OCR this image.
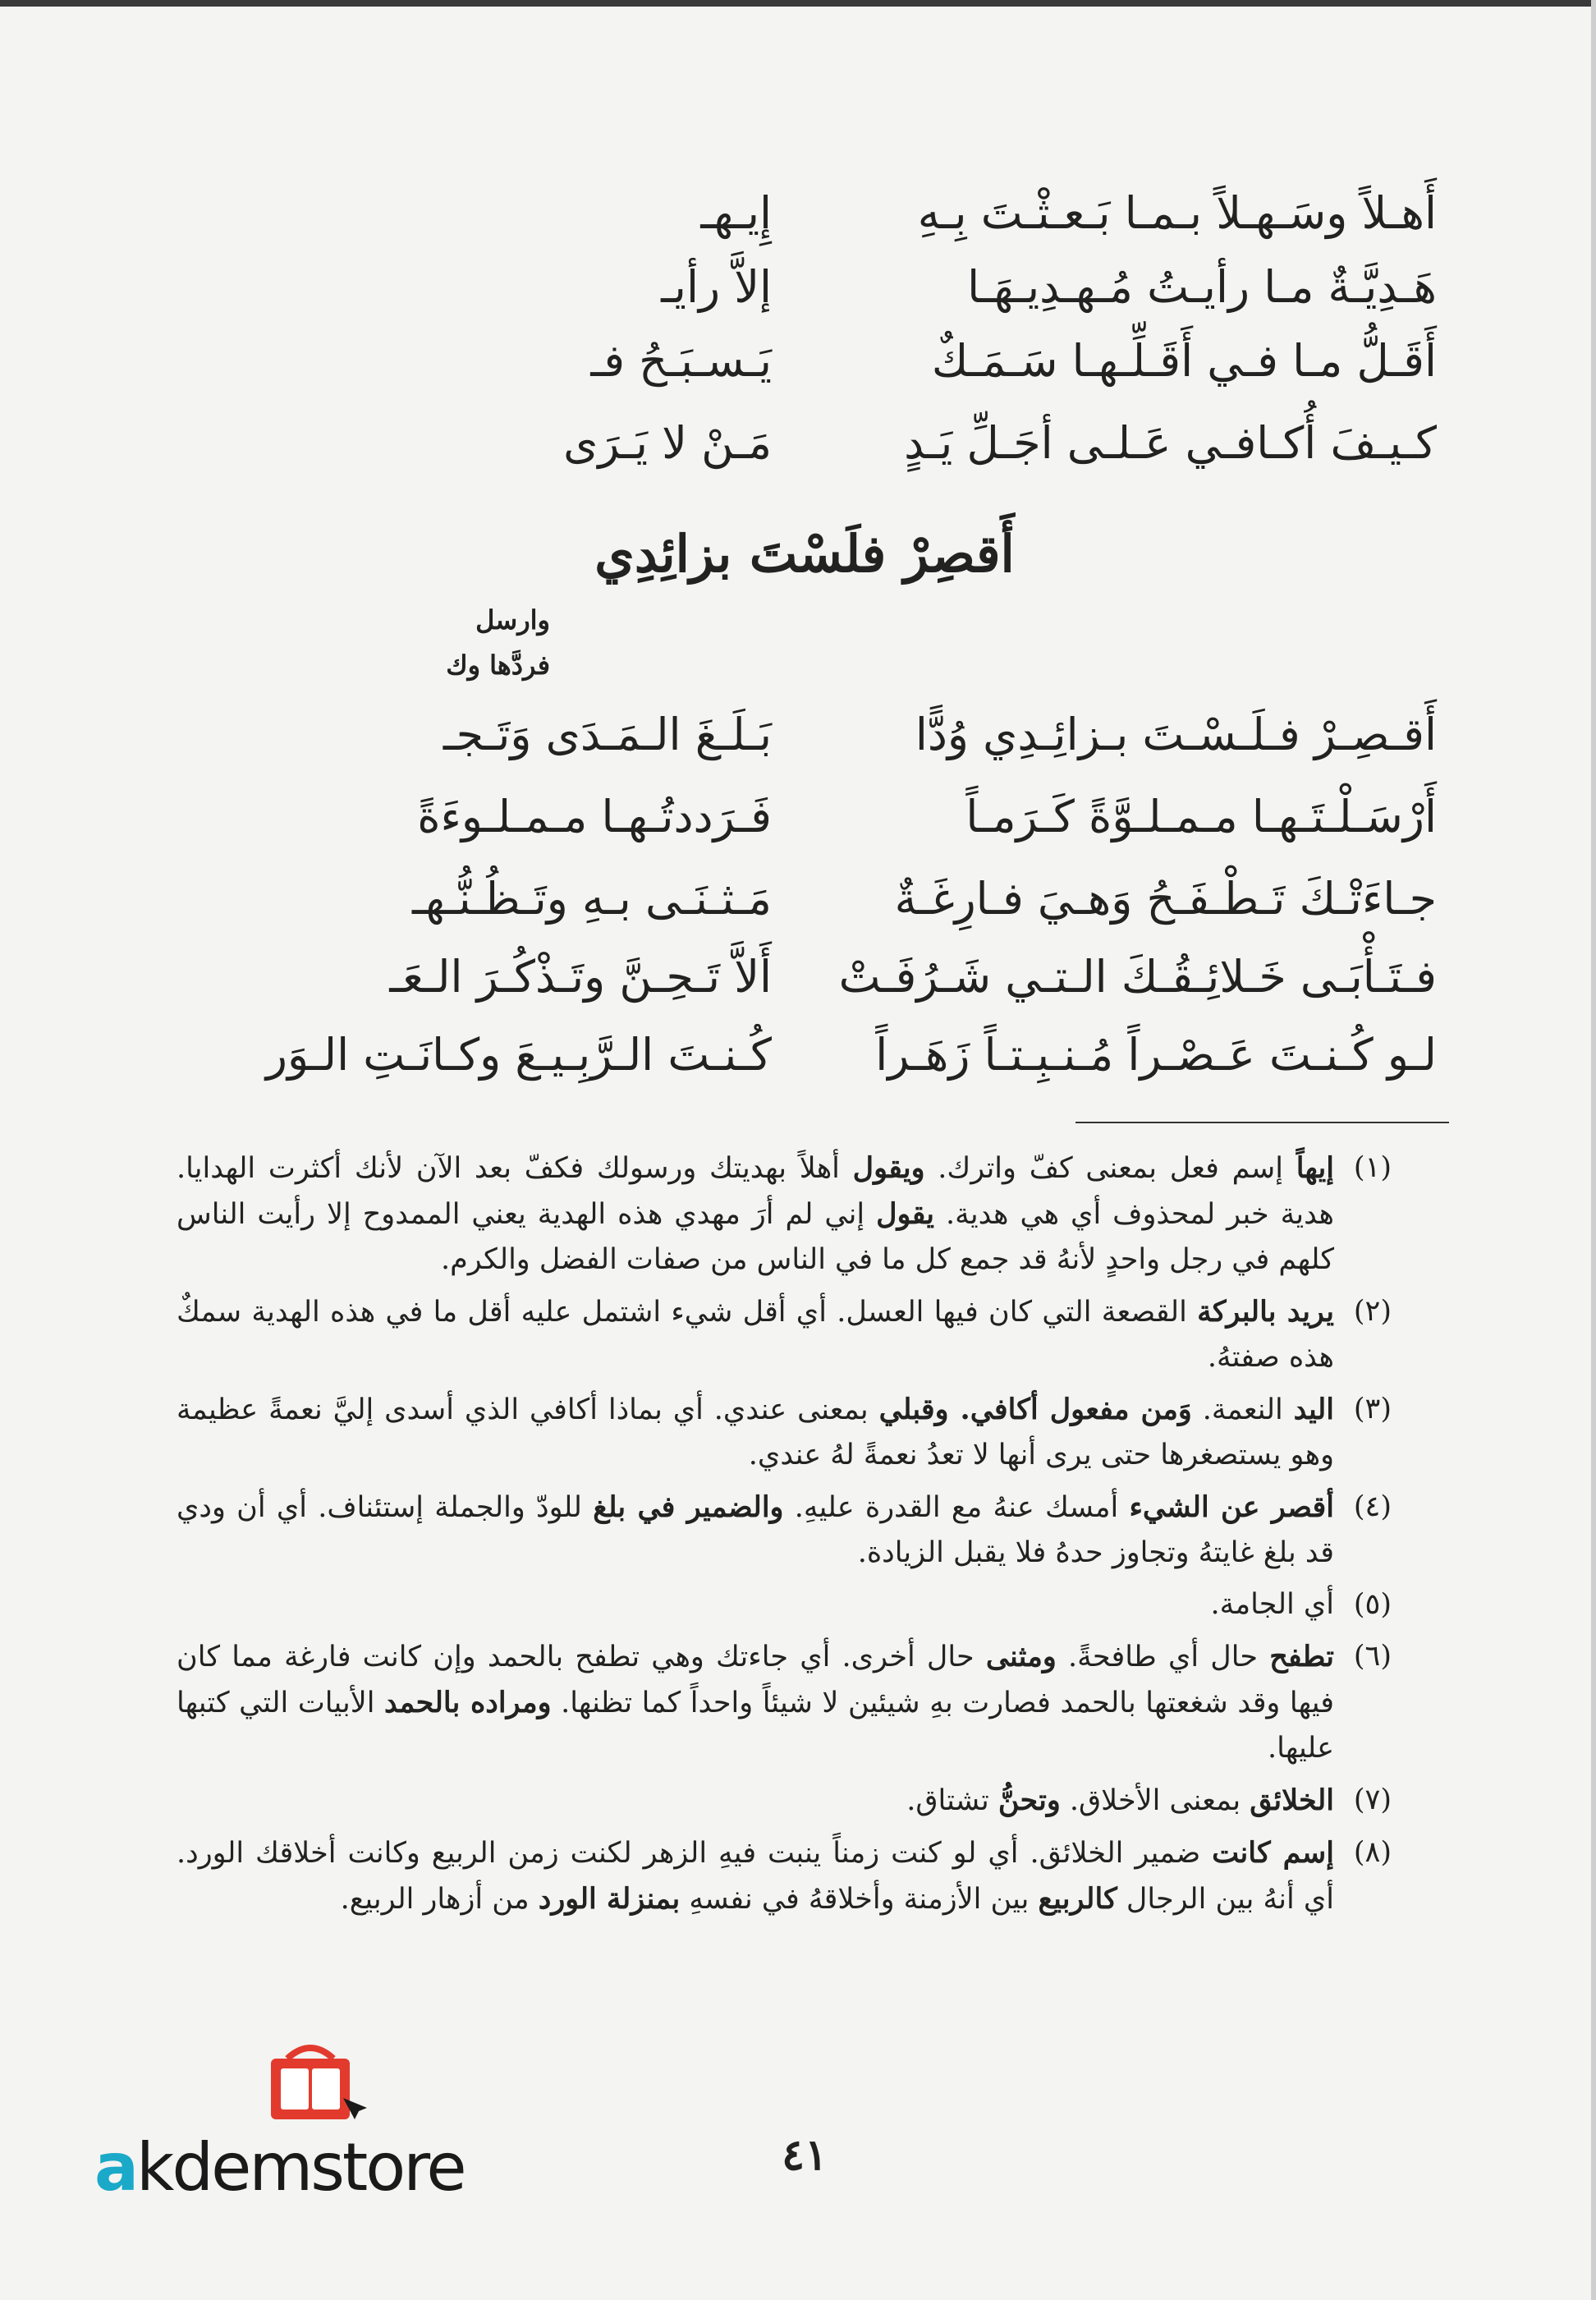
أَهـلاً وسَـهـلاً بـمـا بَـعـثْـتَ بِـهِ
إِيـهـ
هَـدِيَّـةٌ مـا رأيـتُ مُـهـدِيـهَـا
إلاَّ رأيـ
أَقَـلُّ مـا فـي أَقَـلِّـهـا سَـمَـكٌ
يَـسـبَـحُ فـ
كـيـفَ أُكـافـي عَـلـى أجَـلِّ يَـدٍ
مَـنْ لا يَـرَى
أَقصِرْ فلَسْتَ بزائِدِي
وارسل
فردَّها وك
أَقـصِـرْ فـلَـسْـتَ بـزائِـدِي وُدًّا
بَـلَـغَ الـمَـدَى وَتَـجـ
أَرْسَـلْـتَـهـا مـمـلـوَّةً كَـرَمـاً
فَـرَددتُـهـا مـمـلـوءَةً
جـاءَتْـكَ تَـطْـفَـحُ وَهـيَ فـارِغَـةٌ
مَـثـنَـى بـهِ وتَـظُـنُّـهـ
فـتَـأْبَـى خَـلائِـقُـكَ الـتـي شَـرُفَـتْ
أَلاَّ تَـحِـنَّ وتَـذْكُـرَ الـعَـ
لـو كُـنـتَ عَـصْـراً مُـنـبِـتـاً زَهَـراً
كُـنـتَ الـرَّبِـيـعَ وكـانَـتِ الـوَر
(١)
إيهاً إسم فعل بمعنى كفّ واترك. ويقول أهلاً بهديتك ورسولك فكفّ بعد الآن لأنك أكثرت الهدايا. هدية خبر لمحذوف أي هي هدية. يقول إني لم أرَ مهدي هذه الهدية يعني الممدوح إلا رأيت الناس كلهم في رجل واحدٍ لأنهُ قد جمع كل ما في الناس من صفات الفضل والكرم.
(٢)
يريد بالبركة القصعة التي كان فيها العسل. أي أقل شيء اشتمل عليه أقل ما في هذه الهدية سمكٌ هذه صفتهُ.
(٣)
اليد النعمة. وَمن مفعول أكافي. وقبلي بمعنى عندي. أي بماذا أكافي الذي أسدى إليَّ نعمةً عظيمة وهو يستصغرها حتى يرى أنها لا تعدُ نعمةً لهُ عندي.
(٤)
أقصر عن الشيء أمسك عنهُ مع القدرة عليهِ. والضمير في بلغ للودّ والجملة إستئناف. أي أن ودي قد بلغ غايتهُ وتجاوز حدهُ فلا يقبل الزيادة.
(٥)
أي الجامة.
(٦)
تطفح حال أي طافحةً. ومثنى حال أخرى. أي جاءتك وهي تطفح بالحمد وإن كانت فارغة مما كان فيها وقد شغعتها بالحمد فصارت بهِ شيئين لا شيئاً واحداً كما تظنها. ومراده بالحمد الأبيات التي كتبها عليها.
(٧)
الخلائق بمعنى الأخلاق. وتحنُّ تشتاق.
(٨)
إسم كانت ضمير الخلائق. أي لو كنت زمناً ينبت فيهِ الزهر لكنت زمن الربيع وكانت أخلاقك الورد. أي أنهُ بين الرجال كالربيع بين الأزمنة وأخلاقهُ في نفسهِ بمنزلة الورد من أزهار الربيع.
٤١
akdemstore
